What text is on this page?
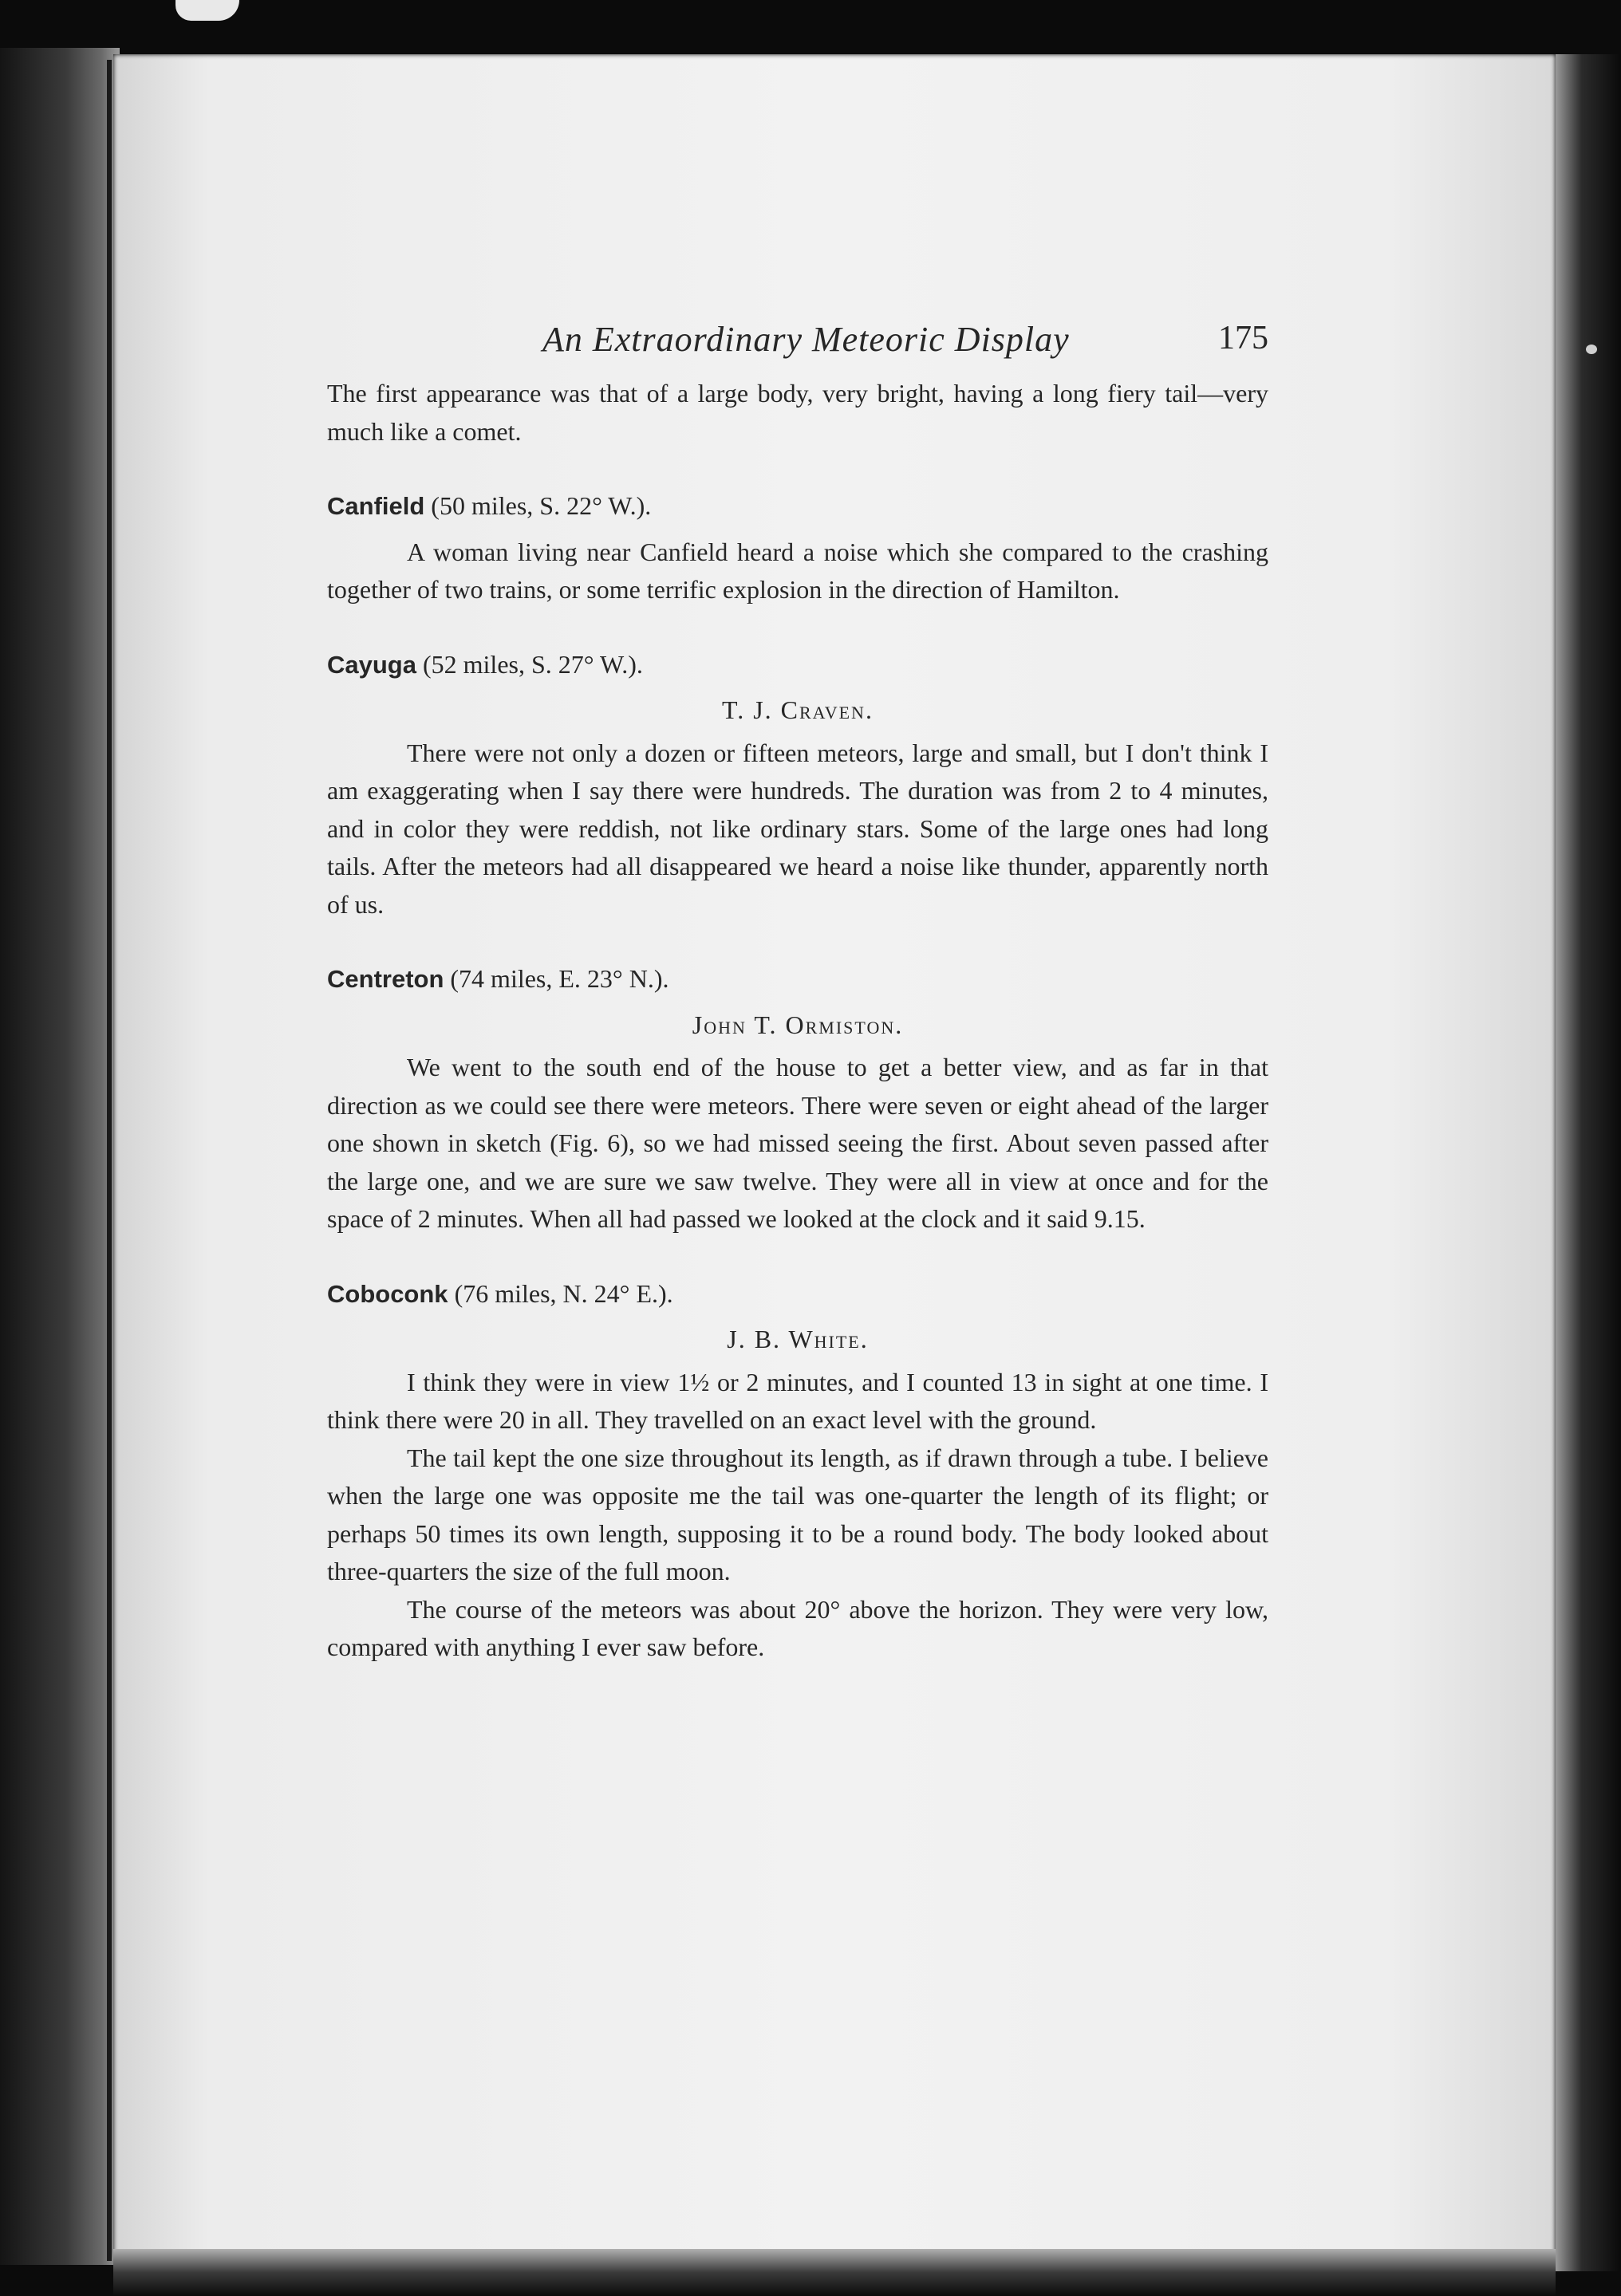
An Extraordinary Meteoric Display	175

The first appearance was that of a large body, very bright, having a long fiery tail—very much like a comet.

Canfield (50 miles, S. 22° W.).

A woman living near Canfield heard a noise which she compared to the crashing together of two trains, or some terrific explosion in the direction of Hamilton.

Cayuga (52 miles, S. 27° W.).
T. J. Craven.

There were not only a dozen or fifteen meteors, large and small, but I don't think I am exaggerating when I say there were hundreds. The duration was from 2 to 4 minutes, and in color they were reddish, not like ordinary stars. Some of the large ones had long tails. After the meteors had all disappeared we heard a noise like thunder, apparently north of us.

Centreton (74 miles, E. 23° N.).
John T. Ormiston.

We went to the south end of the house to get a better view, and as far in that direction as we could see there were meteors. There were seven or eight ahead of the larger one shown in sketch (Fig. 6), so we had missed seeing the first. About seven passed after the large one, and we are sure we saw twelve. They were all in view at once and for the space of 2 minutes. When all had passed we looked at the clock and it said 9.15.

Coboconk (76 miles, N. 24° E.).
J. B. White.

I think they were in view 1½ or 2 minutes, and I counted 13 in sight at one time. I think there were 20 in all. They travelled on an exact level with the ground.

The tail kept the one size throughout its length, as if drawn through a tube. I believe when the large one was opposite me the tail was one-quarter the length of its flight; or perhaps 50 times its own length, supposing it to be a round body. The body looked about three-quarters the size of the full moon.

The course of the meteors was about 20° above the horizon. They were very low, compared with anything I ever saw before.
